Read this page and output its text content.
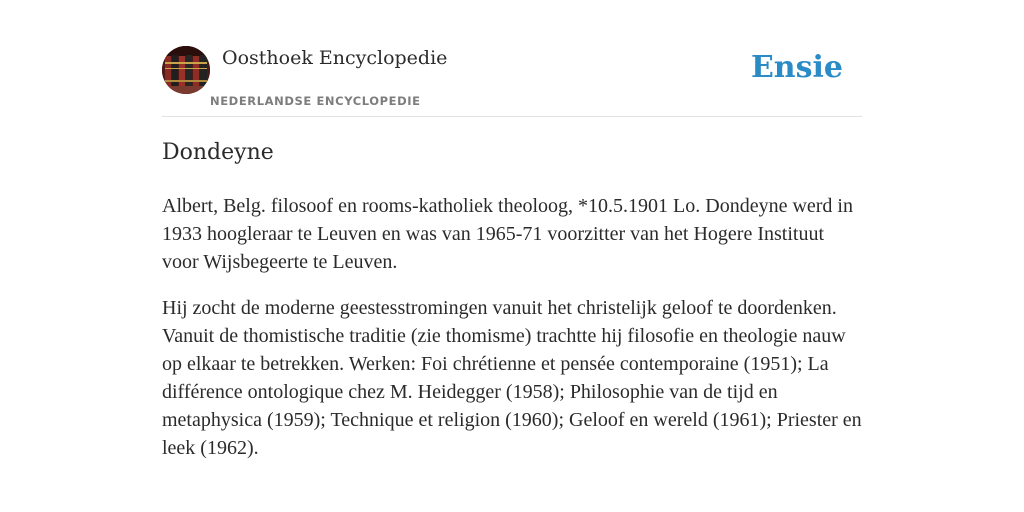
Oosthoek Encyclopedie
NEDERLANDSE ENCYCLOPEDIE
Ensie
Dondeyne

Albert, Belg. filosoof en rooms-katholiek theoloog, *10.5.1901 Lo. Dondeyne werd in 1933 hoogleraar te Leuven en was van 1965-71 voorzitter van het Hogere Instituut voor Wijsbegeerte te Leuven.

Hij zocht de moderne geestesstromingen vanuit het christelijk geloof te doordenken. Vanuit de thomistische traditie (zie thomisme) trachtte hij filosofie en theologie nauw op elkaar te betrekken. Werken: Foi chrétienne et pensée contemporaine (1951); La différence ontologique chez M. Heidegger (1958); Philosophie van de tijd en metaphysica (1959); Technique et religion (1960); Geloof en wereld (1961); Priester en leek (1962).
